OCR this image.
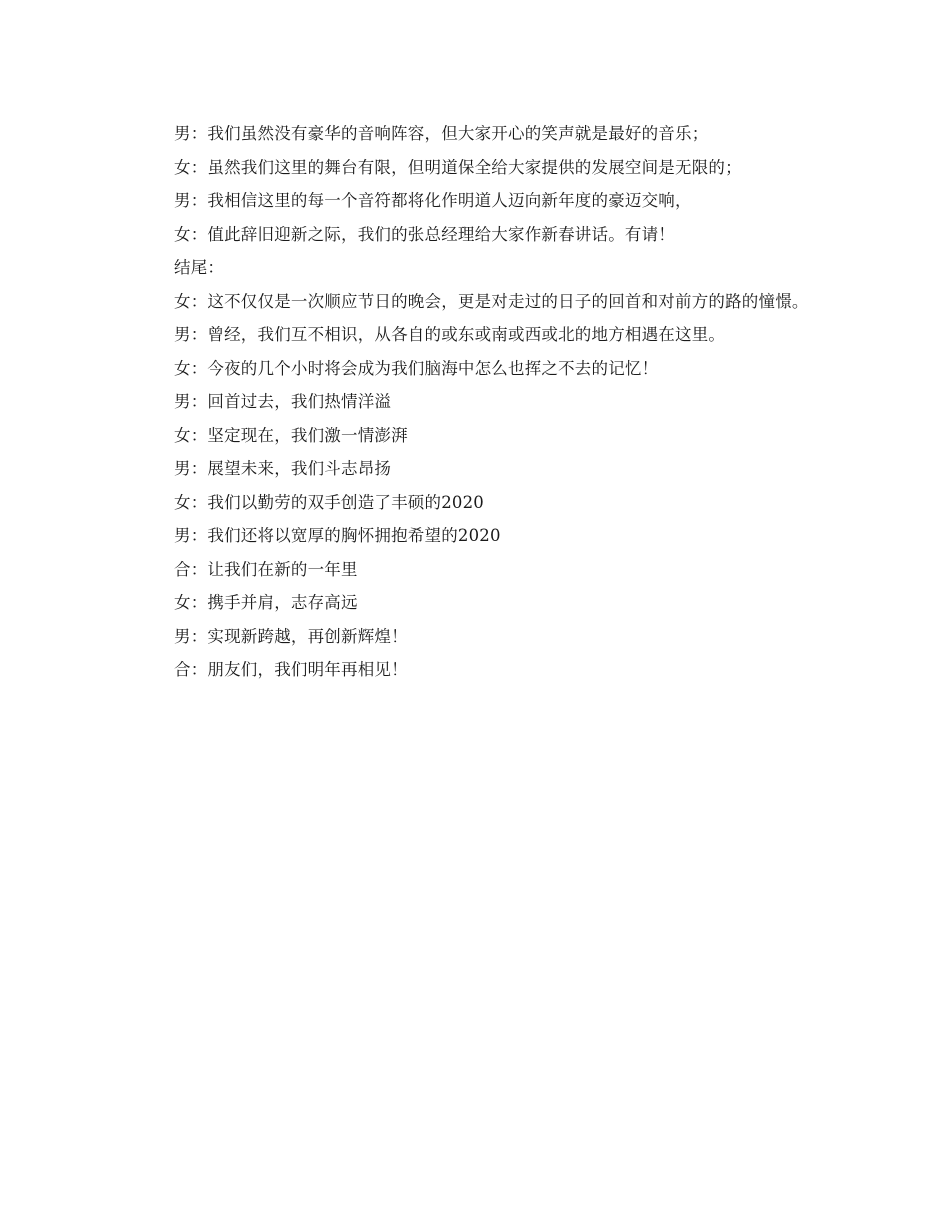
男：我们虽然没有豪华的音响阵容，但大家开心的笑声就是最好的音乐；

女：虽然我们这里的舞台有限，但明道保全给大家提供的发展空间是无限的；

男：我相信这里的每一个音符都将化作明道人迈向新年度的豪迈交响，

女：值此辞旧迎新之际，我们的张总经理给大家作新春讲话。有请！

结尾：

女：这不仅仅是一次顺应节日的晚会，更是对走过的日子的回首和对前方的路的憧憬。

男：曾经，我们互不相识，从各自的或东或南或西或北的地方相遇在这里。

女：今夜的几个小时将会成为我们脑海中怎么也挥之不去的记忆！

男：回首过去，我们热情洋溢

女：坚定现在，我们激一情澎湃

男：展望未来，我们斗志昂扬

女：我们以勤劳的双手创造了丰硕的2020

男：我们还将以宽厚的胸怀拥抱希望的2020

合：让我们在新的一年里

女：携手并肩，志存高远

男：实现新跨越，再创新辉煌！

合：朋友们，我们明年再相见！
